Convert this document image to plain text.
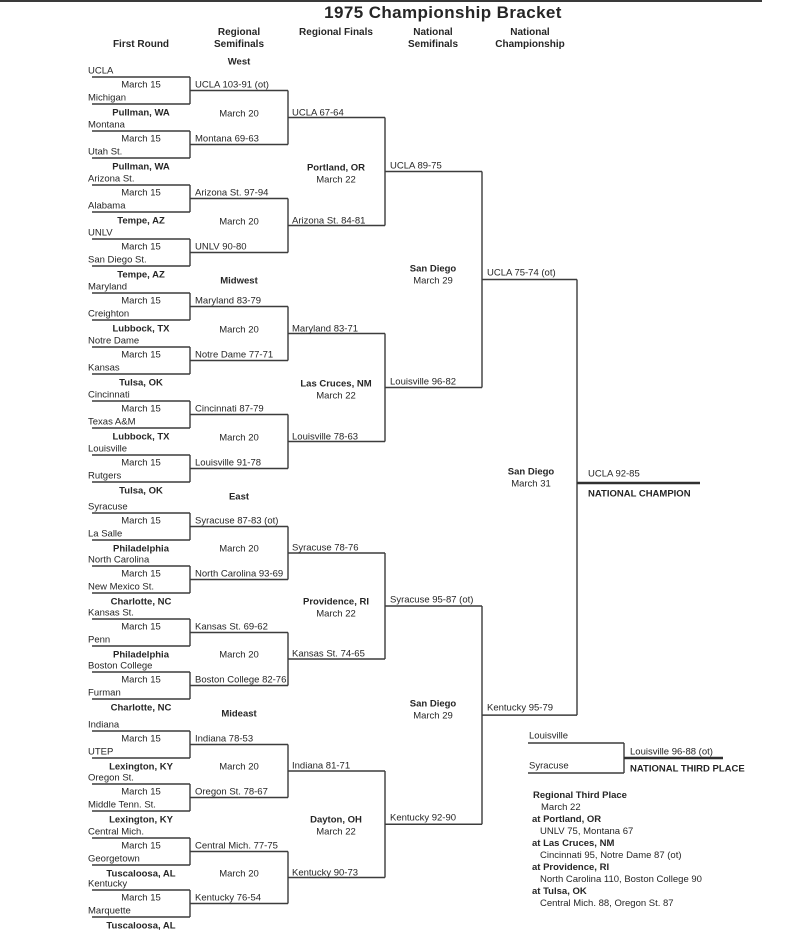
1975 Championship Bracket
First Round
Regional Semifinals
Regional Finals	National Semifinals
National Championship
San Diego
March 31
UCLA 92-85
NATIONAL CHAMPION
Louisville
Syracuse
Louisville 96-88 (ot)
NATIONAL THIRD PLACE
Regional Third Place
March 22
at Portland, OR
UNLV 75, Montana 67
at Las Cruces, NM
Cincinnati 95, Notre Dame 87 (ot)
at Providence, RI
North Carolina 110, Boston College 90
at Tulsa, OK
Central Mich. 88, Oregon St. 87
West
UCLA
Michigan
March 15
Pullman, WA
UCLA 103-91 (ot)
Montana
Utah St.
March 15
Pullman, WA
Montana 69-63
Arizona St.
Alabama
March 15
Tempe, AZ
Arizona St. 97-94
UNLV
San Diego St.
March 15
Tempe, AZ
UNLV 90-80
March 20	UCLA 67-64
March 20	Arizona St. 84-81
Portland, OR
March 22
UCLA 89-75
Midwest
Maryland
Creighton
March 15
Lubbock, TX
Maryland 83-79
Notre Dame
Kansas
March 15
Tulsa, OK
Notre Dame 77-71
Cincinnati
Texas A&M
March 15
Lubbock, TX
Cincinnati 87-79
Louisville
Rutgers
March 15
Tulsa, OK
Louisville 91-78
March 20	Maryland 83-71
March 20	Louisville 78-63
Las Cruces, NM
March 22
Louisville 96-82
East
Syracuse
La Salle
March 15
Philadelphia
Syracuse 87-83 (ot)
North Carolina
New Mexico St.
March 15
Charlotte, NC
North Carolina 93-69
Kansas St.
Penn
March 15
Philadelphia
Kansas St. 69-62
Boston College
Furman
March 15
Charlotte, NC
Boston College 82-76
March 20	Syracuse 78-76
March 20	Kansas St. 74-65
Providence, RI
March 22
Syracuse 95-87 (ot)
Mideast
Indiana
UTEP
March 15
Lexington, KY
Indiana 78-53
Oregon St.
Middle Tenn. St.
March 15
Lexington, KY
Oregon St. 78-67
Central Mich.
Georgetown
March 15
Tuscaloosa, AL
Central Mich. 77-75
Kentucky
Marquette
March 15
Tuscaloosa, AL
Kentucky 76-54
March 20	Indiana 81-71
March 20	Kentucky 90-73
Dayton, OH
March 22
Kentucky 92-90
San Diego
March 29
UCLA 75-74 (ot)
San Diego
March 29
Kentucky 95-79
